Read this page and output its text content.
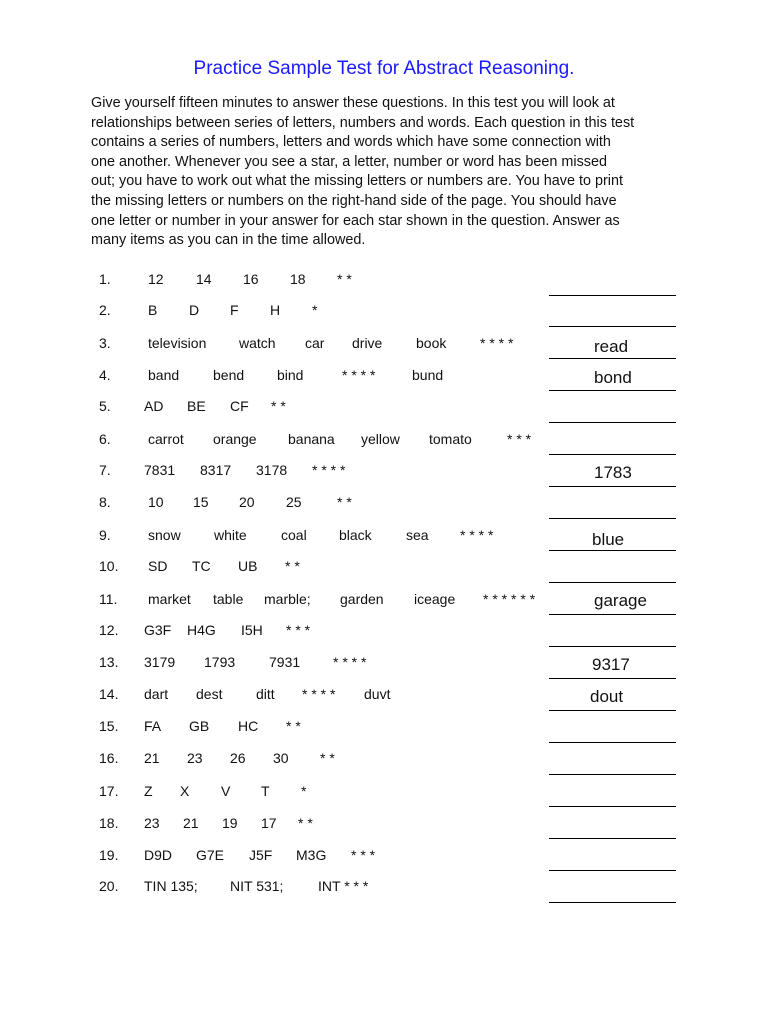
Practice Sample Test for Abstract Reasoning.

Give yourself fifteen minutes to answer these questions. In this test you will look at

relationships between series of letters, numbers and words. Each question in this test

contains a series of numbers, letters and words which have some connection with

one another. Whenever you see a star, a letter, number or word has been missed

out; you have to work out what the missing letters or numbers are. You have to print

the missing letters or numbers on the right-hand side of the page. You should have

one letter or number in your answer for each star shown in the question. Answer as

many items as you can in the time allowed.

1.	12 14 16 18 * *
2.	B D F H *
3.	television watch car drive book * * * *	read
4.	band bend bind	* * * *	bund	bond
5. AD BE CF * *
6.	carrot orange banana yellow tomato	* * *
7. 7831 8317 3178 * * * *	1783
8.	10 15 20 25	* *
9.	snow white coal black sea * * * *	blue
10. SD TC UB * *
11. market table marble; garden iceage * * * * * *	garage
12. G3F H4G I5H * * *
13. 3179 1793 7931 * * * *	9317
14. dart dest ditt * * * * duvt	dout
15. FA GB HC * *
16. 21 23 26 30 * *
17. Z X V T *
18. 23 21 19 17 * *
19. D9D G7E J5F M3G * * *
20. TIN 135; NIT 531; INT * * *
